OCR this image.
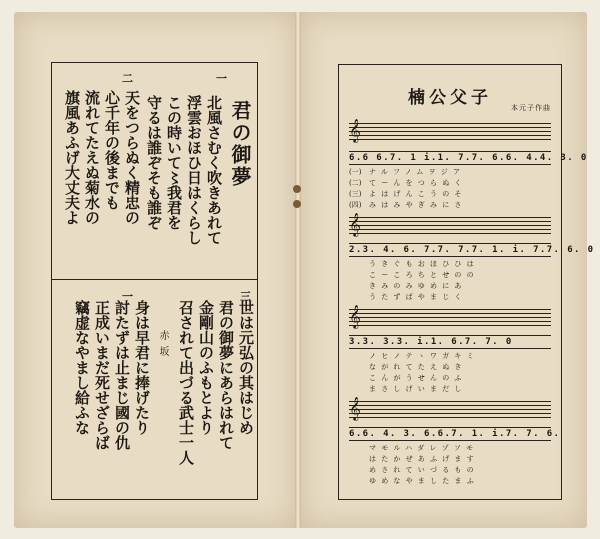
一
二
三
一
君の御夢
北風さむく吹きあれて
浮雲おほひ日はくらし
この時いて〻我君を
守るは誰ぞそも誰ぞ
天をつらぬく精忠の
心千年の後までも
流れてたえぬ菊水の
旗風あふげ大丈夫よ
世は元弘の其はじめ
君の御夢にあらはれて
金剛山のふもとより
召されて出づる武士一人
赤坂
身は早君に捧げたり
討たずは止まじ國の仇
正成いまだ死せざらば
竊虚なやまし給ふな
楠公父子	本元子作曲
𝄞
6.6 6.7. 1 i.1. 7.7. 6.6. 4.4. 3. 0
(一) ナルフノムヲジア
(二) てーんをつらぬく
(三) よはげんこうのそ
(四) みはみやぎみにさ
𝄞
2.3. 4. 6. 7.7. 7.7. 1. i. 7.7. 6. 0
うきぐもおほひひは
こーころちとせのの
きみのみゆめにあ
うたずばやまじく
𝄞
3.3. 3.3. i.1. 6.7. 7. 0
ノヒノテヽワガキミ
ながれてたえぬき
こんがうせんのふ
まさしげいまだし
𝄞
6.6. 4. 3. 6.6.7. 1. i.7. 7. 6.
マモルハダレゾソモ
はたかぜあふげます
めされていづるもの
ゆめなやましたまふ
